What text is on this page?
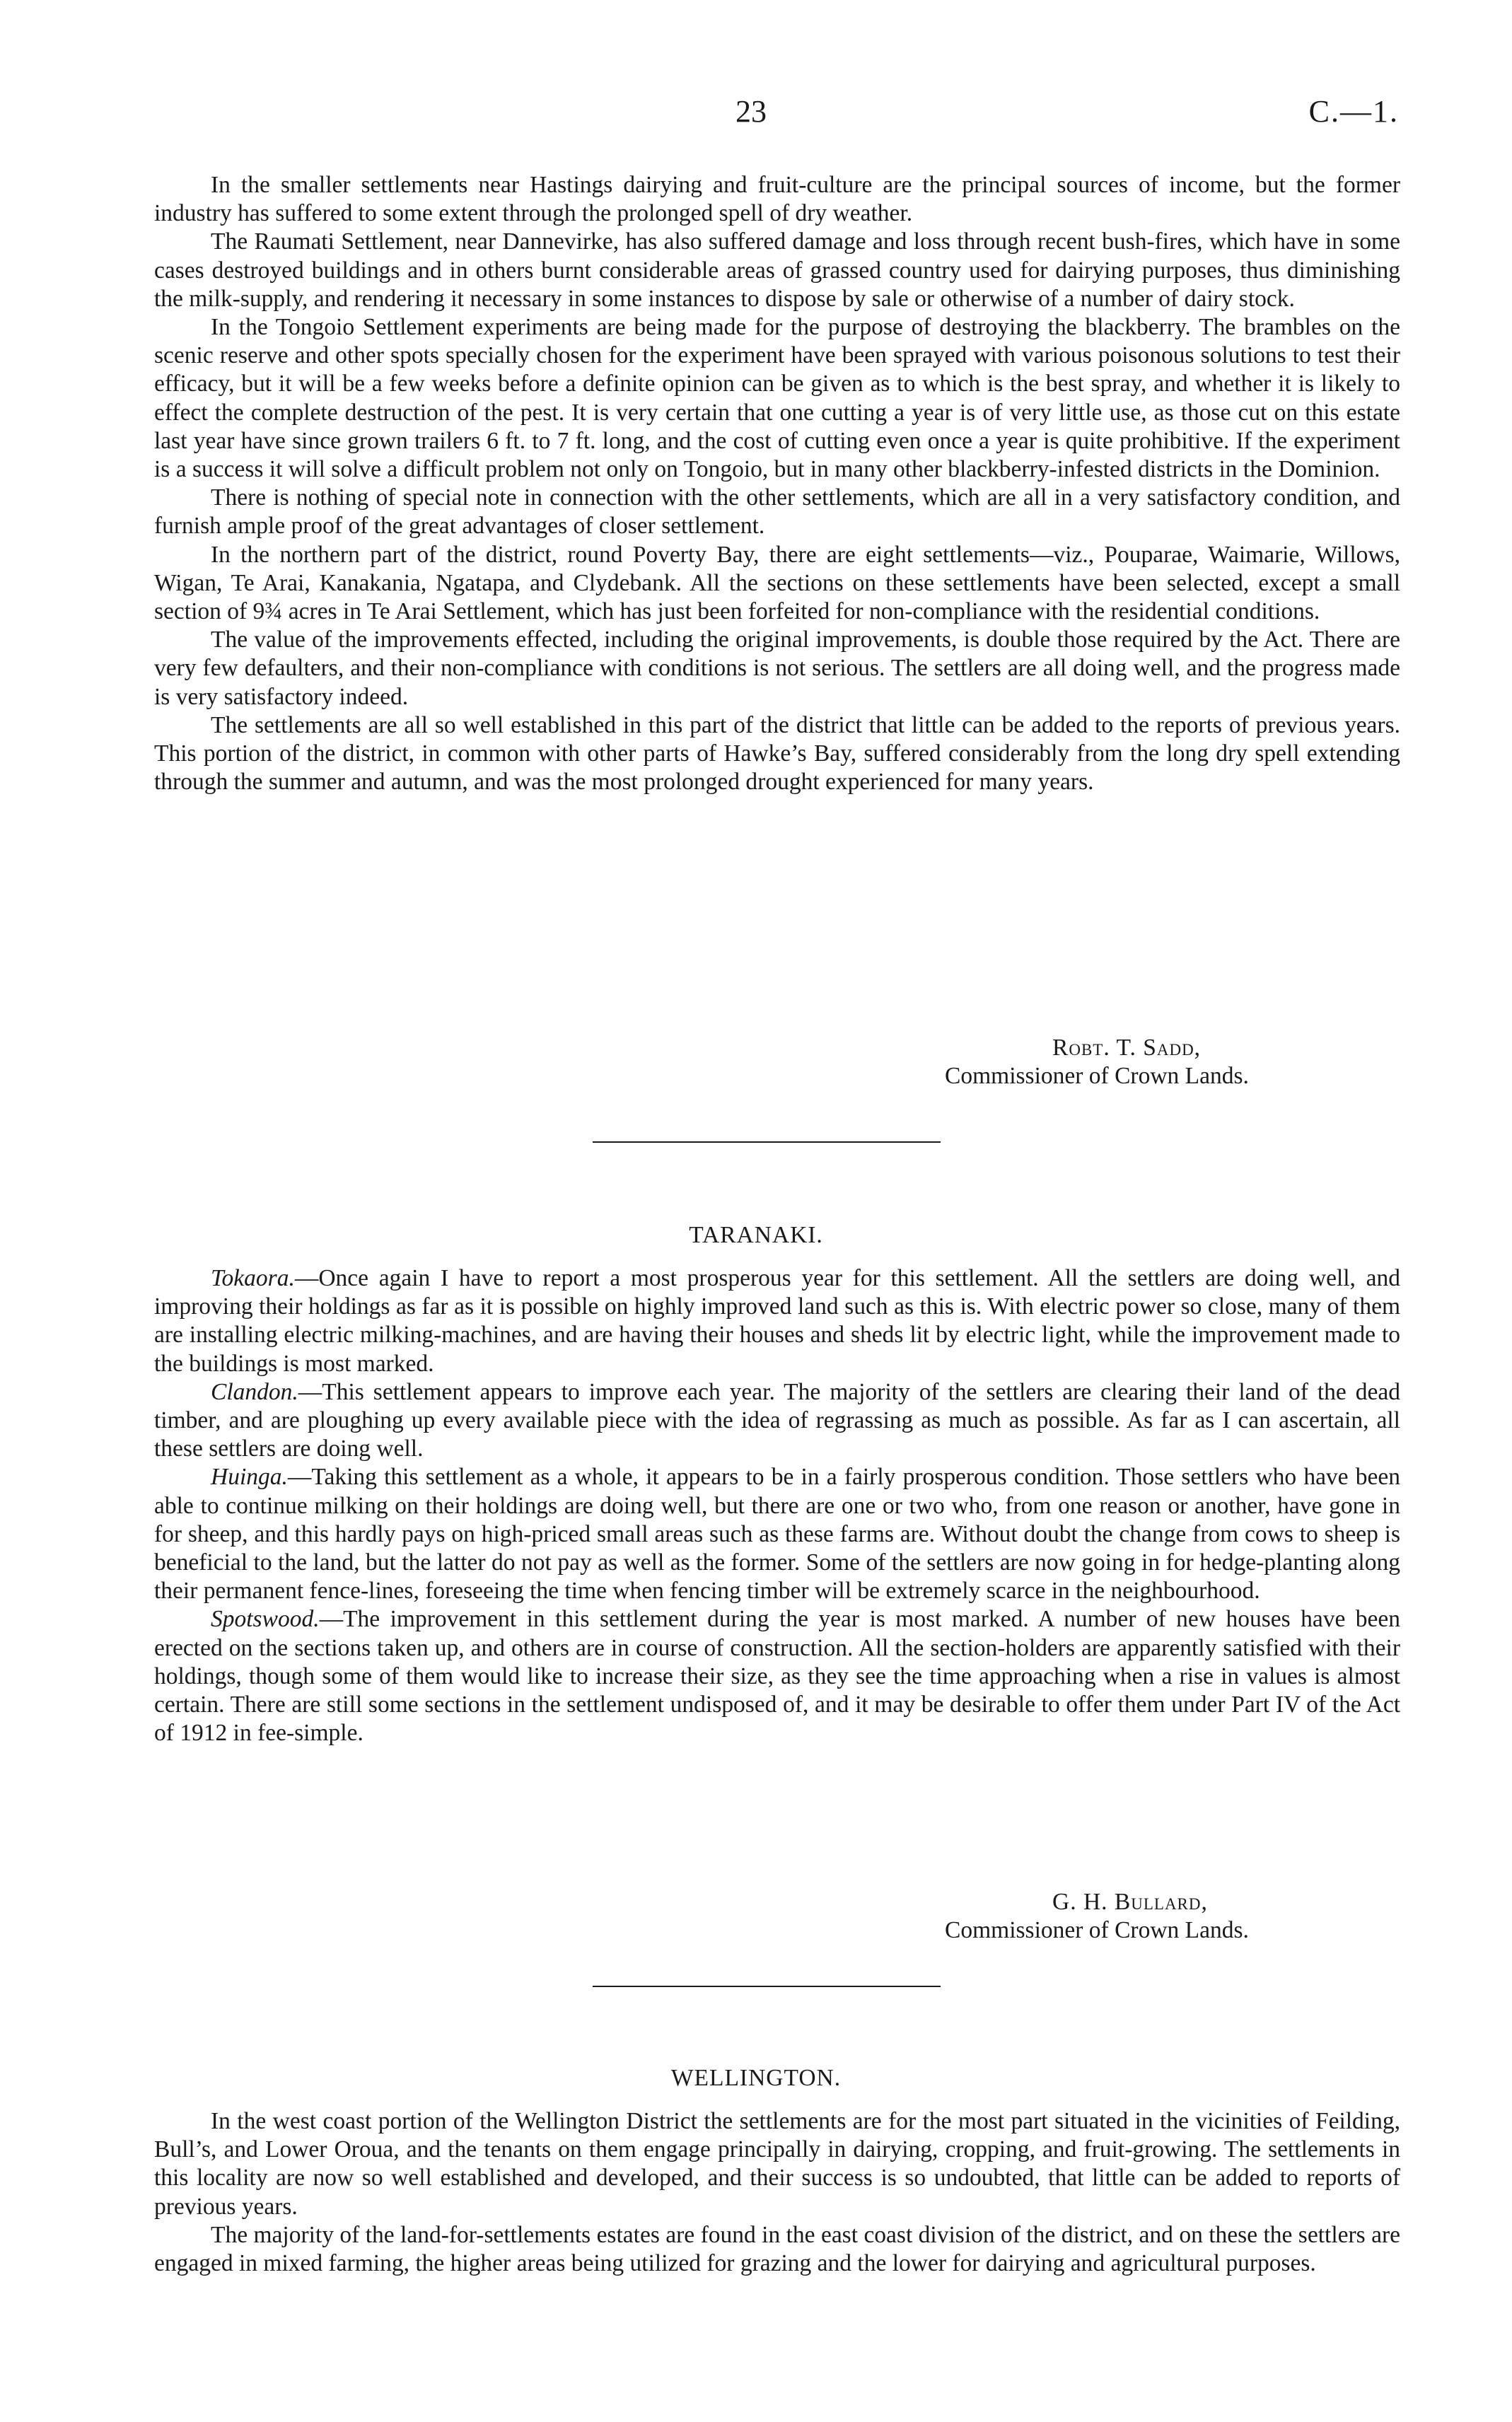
23	C.—1.

In the smaller settlements near Hastings dairying and fruit-culture are the principal sources of income, but the former industry has suffered to some extent through the prolonged spell of dry weather.

The Raumati Settlement, near Dannevirke, has also suffered damage and loss through recent bush-fires, which have in some cases destroyed buildings and in others burnt considerable areas of grassed country used for dairying purposes, thus diminishing the milk-supply, and rendering it necessary in some instances to dispose by sale or otherwise of a number of dairy stock.

In the Tongoio Settlement experiments are being made for the purpose of destroying the blackberry. The brambles on the scenic reserve and other spots specially chosen for the experiment have been sprayed with various poisonous solutions to test their efficacy, but it will be a few weeks before a definite opinion can be given as to which is the best spray, and whether it is likely to effect the complete destruction of the pest. It is very certain that one cutting a year is of very little use, as those cut on this estate last year have since grown trailers 6 ft. to 7 ft. long, and the cost of cutting even once a year is quite prohibitive. If the experiment is a success it will solve a difficult problem not only on Tongoio, but in many other blackberry-infested districts in the Dominion.

There is nothing of special note in connection with the other settlements, which are all in a very satisfactory condition, and furnish ample proof of the great advantages of closer settlement.

In the northern part of the district, round Poverty Bay, there are eight settlements—viz., Pouparae, Waimarie, Willows, Wigan, Te Arai, Kanakania, Ngatapa, and Clydebank. All the sections on these settlements have been selected, except a small section of 9¾ acres in Te Arai Settlement, which has just been forfeited for non-compliance with the residential conditions.

The value of the improvements effected, including the original improvements, is double those required by the Act. There are very few defaulters, and their non-compliance with conditions is not serious. The settlers are all doing well, and the progress made is very satisfactory indeed.

The settlements are all so well established in this part of the district that little can be added to the reports of previous years. This portion of the district, in common with other parts of Hawke’s Bay, suffered considerably from the long dry spell extending through the summer and autumn, and was the most prolonged drought experienced for many years.

Robt. T. Sadd,
Commissioner of Crown Lands.
TARANAKI.

Tokaora.—Once again I have to report a most prosperous year for this settlement. All the settlers are doing well, and improving their holdings as far as it is possible on highly improved land such as this is. With electric power so close, many of them are installing electric milking-machines, and are having their houses and sheds lit by electric light, while the improvement made to the buildings is most marked.

Clandon.—This settlement appears to improve each year. The majority of the settlers are clearing their land of the dead timber, and are ploughing up every available piece with the idea of regrassing as much as possible. As far as I can ascertain, all these settlers are doing well.

Huinga.—Taking this settlement as a whole, it appears to be in a fairly prosperous condition. Those settlers who have been able to continue milking on their holdings are doing well, but there are one or two who, from one reason or another, have gone in for sheep, and this hardly pays on high-priced small areas such as these farms are. Without doubt the change from cows to sheep is beneficial to the land, but the latter do not pay as well as the former. Some of the settlers are now going in for hedge-planting along their permanent fence-lines, foreseeing the time when fencing timber will be extremely scarce in the neighbourhood.

Spotswood.—The improvement in this settlement during the year is most marked. A number of new houses have been erected on the sections taken up, and others are in course of construction. All the section-holders are apparently satisfied with their holdings, though some of them would like to increase their size, as they see the time approaching when a rise in values is almost certain. There are still some sections in the settlement undisposed of, and it may be desirable to offer them under Part IV of the Act of 1912 in fee-simple.

G. H. Bullard,
Commissioner of Crown Lands.
WELLINGTON.

In the west coast portion of the Wellington District the settlements are for the most part situated in the vicinities of Feilding, Bull’s, and Lower Oroua, and the tenants on them engage principally in dairying, cropping, and fruit-growing. The settlements in this locality are now so well established and developed, and their success is so undoubted, that little can be added to reports of previous years.

The majority of the land-for-settlements estates are found in the east coast division of the district, and on these the settlers are engaged in mixed farming, the higher areas being utilized for grazing and the lower for dairying and agricultural purposes.
